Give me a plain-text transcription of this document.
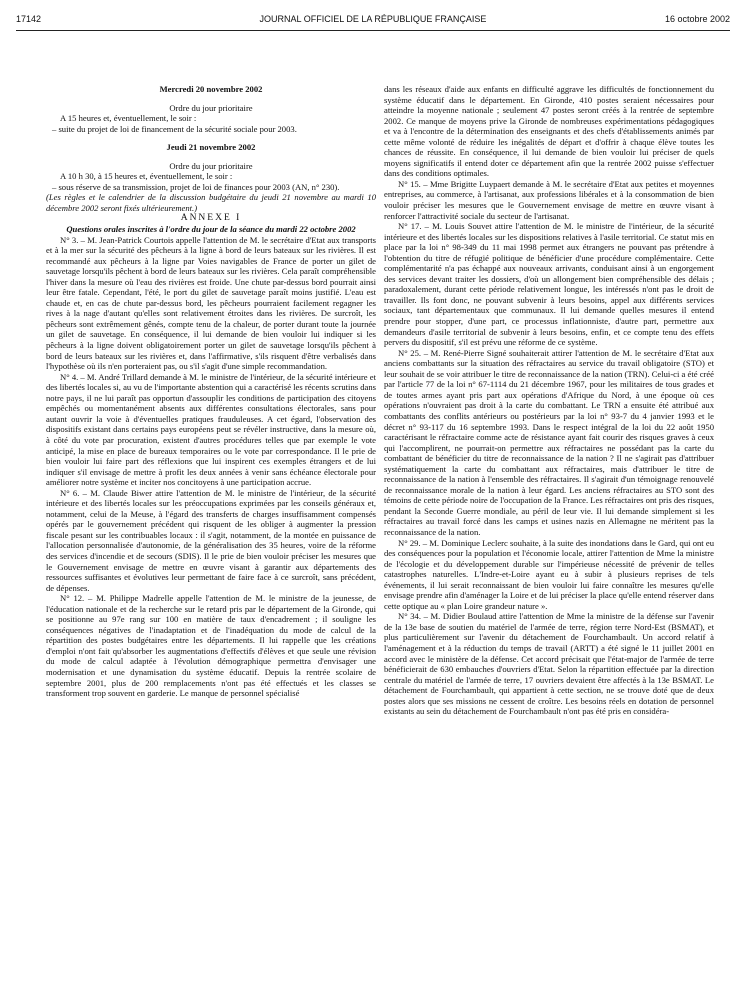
17142	JOURNAL OFFICIEL DE LA RÉPUBLIQUE FRANÇAISE	16 octobre 2002

Mercredi 20 novembre 2002

Ordre du jour prioritaire

A 15 heures et, éventuellement, le soir :

– suite du projet de loi de financement de la sécurité sociale pour 2003.

Jeudi 21 novembre 2002

Ordre du jour prioritaire

A 10 h 30, à 15 heures et, éventuellement, le soir :

– sous réserve de sa transmission, projet de loi de finances pour 2003 (AN, n° 230).

(Les règles et le calendrier de la discussion budgétaire du jeudi 21 novembre au mardi 10 décembre 2002 seront fixés ultérieurement.)

ANNEXE I

Questions orales inscrites à l'ordre du jour de la séance du mardi 22 octobre 2002

N° 3. – M. Jean-Patrick Courtois appelle l'attention de M. le secrétaire d'Etat aux transports et à la mer sur la sécurité des pêcheurs à la ligne à bord de leurs bateaux sur les rivières. Il est recommandé aux pêcheurs à la ligne par Voies navigables de France de porter un gilet de sauvetage lorsqu'ils pêchent à bord de leurs bateaux sur les rivières. Cela paraît compréhensible l'hiver dans la mesure où l'eau des rivières est froide. Une chute par-dessus bord pourrait ainsi leur être fatale. Cependant, l'été, le port du gilet de sauvetage paraît moins justifié. L'eau est chaude et, en cas de chute par-dessus bord, les pêcheurs pourraient facilement regagner les rives à la nage d'autant qu'elles sont relativement étroites dans les rivières. De surcroît, les pêcheurs sont extrêmement gênés, compte tenu de la chaleur, de porter durant toute la journée un gilet de sauvetage. En conséquence, il lui demande de bien vouloir lui indiquer si les pêcheurs à la ligne doivent obligatoirement porter un gilet de sauvetage lorsqu'ils pêchent à bord de leurs bateaux sur les rivières et, dans l'affirmative, s'ils risquent d'être verbalisés dans l'hypothèse où ils n'en porteraient pas, ou s'il s'agit d'une simple recommandation.

N° 4. – M. André Trillard demande à M. le ministre de l'intérieur, de la sécurité intérieure et des libertés locales si, au vu de l'importante abstention qui a caractérisé les récents scrutins dans notre pays, il ne lui paraît pas opportun d'assouplir les conditions de participation des citoyens empêchés ou momentanément absents aux différentes consultations électorales, sans pour autant ouvrir la voie à d'éventuelles pratiques frauduleuses. A cet égard, l'observation des dispositifs existant dans certains pays européens peut se révéler instructive, dans la mesure où, à côté du vote par procuration, existent d'autres procédures telles que par exemple le vote anticipé, la mise en place de bureaux temporaires ou le vote par correspondance. Il le prie de bien vouloir lui faire part des réflexions que lui inspirent ces exemples étrangers et de lui indiquer s'il envisage de mettre à profit les deux années à venir sans échéance électorale pour améliorer notre système et inciter nos concitoyens à une participation accrue.

N° 6. – M. Claude Biwer attire l'attention de M. le ministre de l'intérieur, de la sécurité intérieure et des libertés locales sur les préoccupations exprimées par les conseils généraux et, notamment, celui de la Meuse, à l'égard des transferts de charges insuffisamment compensés opérés par le gouvernement précédent qui risquent de les obliger à augmenter la pression fiscale pesant sur les contribuables locaux : il s'agit, notamment, de la montée en puissance de l'allocation personnalisée d'autonomie, de la généralisation des 35 heures, voire de la réforme des services d'incendie et de secours (SDIS). Il le prie de bien vouloir préciser les mesures que le Gouvernement envisage de mettre en œuvre visant à garantir aux départements des ressources suffisantes et évolutives leur permettant de faire face à ce surcroît, sans précédent, de dépenses.

N° 12. – M. Philippe Madrelle appelle l'attention de M. le ministre de la jeunesse, de l'éducation nationale et de la recherche sur le retard pris par le département de la Gironde, qui se positionne au 97e rang sur 100 en matière de taux d'encadrement ; il souligne les conséquences négatives de l'inadaptation et de l'inadéquation du mode de calcul de la répartition des postes budgétaires entre les départements. Il lui rappelle que les créations d'emploi n'ont fait qu'absorber les augmentations d'effectifs d'élèves et que seule une révision du mode de calcul adaptée à l'évolution démographique permettra d'envisager une modernisation et une dynamisation du système éducatif. Depuis la rentrée scolaire de septembre 2001, plus de 200 remplacements n'ont pas été effectués et les classes se transforment trop souvent en garderie. Le manque de personnel spécialisé

dans les réseaux d'aide aux enfants en difficulté aggrave les difficultés de fonctionnement du système éducatif dans le département. En Gironde, 410 postes seraient nécessaires pour atteindre la moyenne nationale ; seulement 47 postes seront créés à la rentrée de septembre 2002. Ce manque de moyens prive la Gironde de nombreuses expérimentations pédagogiques et va à l'encontre de la détermination des enseignants et des chefs d'établissements animés par cette même volonté de réduire les inégalités de départ et d'offrir à chaque élève toutes les chances de réussite. En conséquence, il lui demande de bien vouloir lui préciser de quels moyens significatifs il entend doter ce département afin que la rentrée 2002 puisse s'effectuer dans des conditions optimales.

N° 15. – Mme Brigitte Luypaert demande à M. le secrétaire d'Etat aux petites et moyennes entreprises, au commerce, à l'artisanat, aux professions libérales et à la consommation de bien vouloir préciser les mesures que le Gouvernement envisage de mettre en œuvre visant à renforcer l'attractivité sociale du secteur de l'artisanat.

N° 17. – M. Louis Souvet attire l'attention de M. le ministre de l'intérieur, de la sécurité intérieure et des libertés locales sur les dispositions relatives à l'asile territorial. Ce statut mis en place par la loi n° 98-349 du 11 mai 1998 permet aux étrangers ne pouvant pas prétendre à l'obtention du titre de réfugié politique de bénéficier d'une procédure complémentaire. Cette complémentarité n'a pas échappé aux nouveaux arrivants, conduisant ainsi à un engorgement des services devant traiter les dossiers, d'où un allongement bien compréhensible des délais ; paradoxalement, durant cette période relativement longue, les intéressés n'ont pas le droit de travailler. Ils font donc, ne pouvant subvenir à leurs besoins, appel aux différents services sociaux, tant départementaux que communaux. Il lui demande quelles mesures il entend prendre pour stopper, d'une part, ce processus inflationniste, d'autre part, permettre aux demandeurs d'asile territorial de subvenir à leurs besoins, enfin, et ce compte tenu des effets pervers du dispositif, s'il est prévu une réforme de ce système.

N° 25. – M. René-Pierre Signé souhaiterait attirer l'attention de M. le secrétaire d'Etat aux anciens combattants sur la situation des réfractaires au service du travail obligatoire (STO) et leur souhait de se voir attribuer le titre de reconnaissance de la nation (TRN). Celui-ci a été créé par l'article 77 de la loi n° 67-1114 du 21 décembre 1967, pour les militaires de tous grades et de toutes armes ayant pris part aux opérations d'Afrique du Nord, à une époque où ces opérations n'ouvraient pas droit à la carte du combattant. Le TRN a ensuite été attribué aux combattants des conflits antérieurs ou postérieurs par la loi n° 93-7 du 4 janvier 1993 et le décret n° 93-117 du 16 septembre 1993. Dans le respect intégral de la loi du 22 août 1950 caractérisant le réfractaire comme acte de résistance ayant fait courir des risques graves à ceux qui l'accomplirent, ne pourrait-on permettre aux réfractaires ne possédant pas la carte du combattant de bénéficier du titre de reconnaissance de la nation ? Il ne s'agirait pas d'attribuer systématiquement la carte du combattant aux réfractaires, mais d'attribuer le titre de reconnaissance de la nation à l'ensemble des réfractaires. Il s'agirait d'un témoignage renouvelé de reconnaissance morale de la nation à leur égard. Les anciens réfractaires au STO sont des témoins de cette période noire de l'occupation de la France. Les réfractaires ont pris des risques, pendant la Seconde Guerre mondiale, au péril de leur vie. Il lui demande simplement si les réfractaires au travail forcé dans les camps et usines nazis en Allemagne ne méritent pas la reconnaissance de la nation.

N° 29. – M. Dominique Leclerc souhaite, à la suite des inondations dans le Gard, qui ont eu des conséquences pour la population et l'économie locale, attirer l'attention de Mme la ministre de l'écologie et du développement durable sur l'impérieuse nécessité de prévenir de telles catastrophes naturelles. L'Indre-et-Loire ayant eu à subir à plusieurs reprises de tels événements, il lui serait reconnaissant de bien vouloir lui faire connaître les mesures qu'elle envisage prendre afin d'aménager la Loire et de lui préciser la place qu'elle entend réserver dans cette optique au « plan Loire grandeur nature ».

N° 34. – M. Didier Boulaud attire l'attention de Mme la ministre de la défense sur l'avenir de la 13e base de soutien du matériel de l'armée de terre, région terre Nord-Est (BSMAT), et plus particulièrement sur l'avenir du détachement de Fourchambault. Un accord relatif à l'aménagement et à la réduction du temps de travail (ARTT) a été signé le 11 juillet 2001 en accord avec le ministère de la défense. Cet accord précisait que l'état-major de l'armée de terre bénéficierait de 630 embauches d'ouvriers d'Etat. Selon la répartition effectuée par la direction centrale du matériel de l'armée de terre, 17 ouvriers devaient être affectés à la 13e BSMAT. Le détachement de Fourchambault, qui appartient à cette section, ne se trouve doté que de deux postes alors que ses missions ne cessent de croître. Les besoins réels en dotation de personnel existants au sein du détachement de Fourchambault n'ont pas été pris en considéra-
